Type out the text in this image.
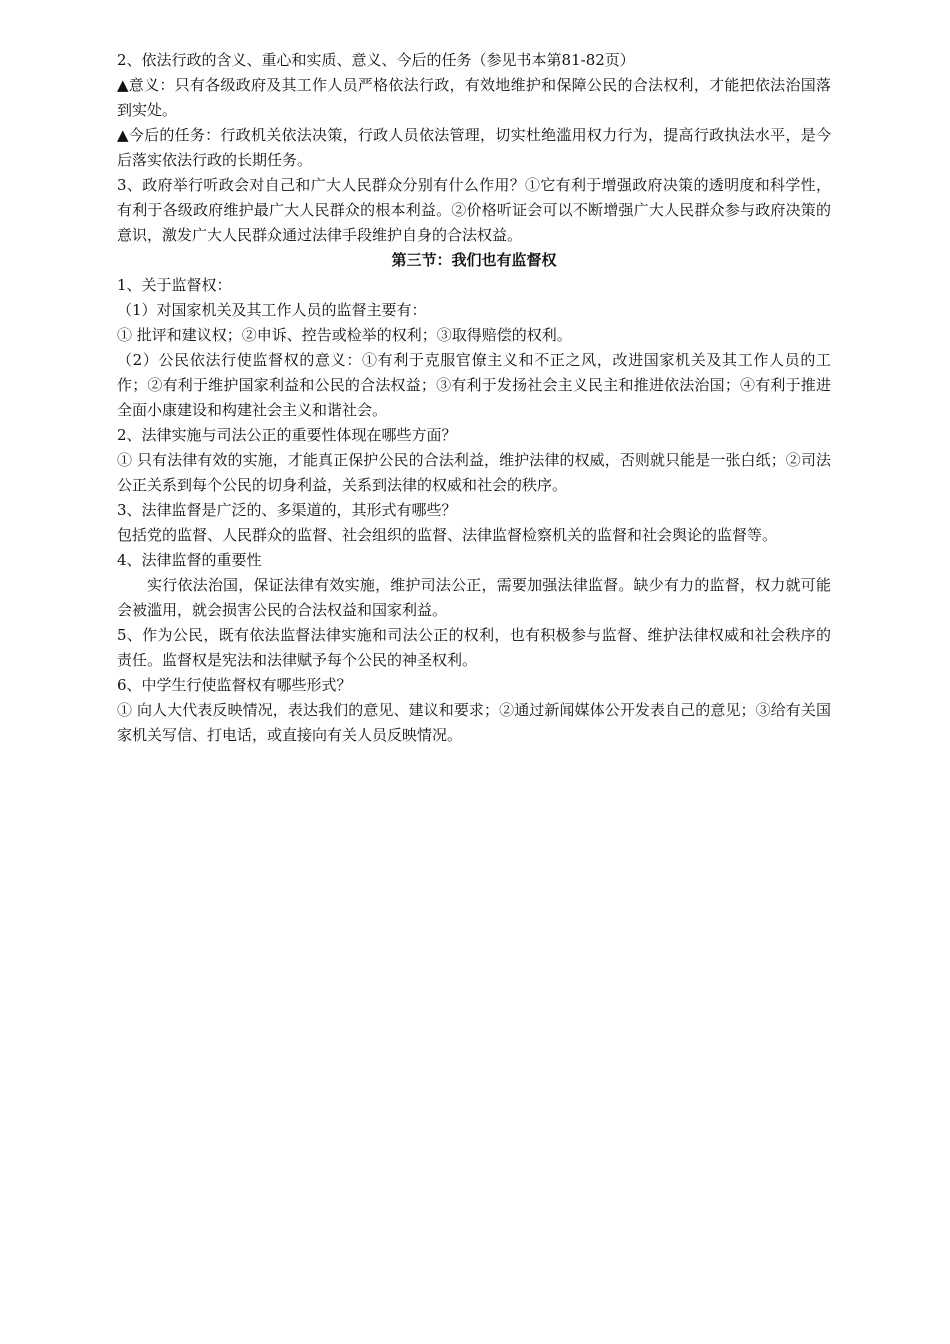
2、依法行政的含义、重心和实质、意义、今后的任务（参见书本第81-82页）

▲意义：只有各级政府及其工作人员严格依法行政，有效地维护和保障公民的合法权利，才能把依法治国落到实处。

▲今后的任务：行政机关依法决策，行政人员依法管理，切实杜绝滥用权力行为，提高行政执法水平，是今后落实依法行政的长期任务。

3、政府举行听政会对自己和广大人民群众分别有什么作用？①它有利于增强政府决策的透明度和科学性，有利于各级政府维护最广大人民群众的根本利益。②价格听证会可以不断增强广大人民群众参与政府决策的意识，激发广大人民群众通过法律手段维护自身的合法权益。

第三节：我们也有监督权

1、关于监督权：

（1）对国家机关及其工作人员的监督主要有：

① 批评和建议权；②申诉、控告或检举的权利；③取得赔偿的权利。

（2）公民依法行使监督权的意义：①有利于克服官僚主义和不正之风，改进国家机关及其工作人员的工作；②有利于维护国家利益和公民的合法权益；③有利于发扬社会主义民主和推进依法治国；④有利于推进全面小康建设和构建社会主义和谐社会。

2、法律实施与司法公正的重要性体现在哪些方面？

① 只有法律有效的实施，才能真正保护公民的合法利益，维护法律的权威，否则就只能是一张白纸；②司法公正关系到每个公民的切身利益，关系到法律的权威和社会的秩序。

3、法律监督是广泛的、多渠道的，其形式有哪些？

包括党的监督、人民群众的监督、社会组织的监督、法律监督检察机关的监督和社会舆论的监督等。

4、法律监督的重要性

实行依法治国，保证法律有效实施，维护司法公正，需要加强法律监督。缺少有力的监督，权力就可能会被滥用，就会损害公民的合法权益和国家利益。

5、作为公民，既有依法监督法律实施和司法公正的权利，也有积极参与监督、维护法律权威和社会秩序的责任。监督权是宪法和法律赋予每个公民的神圣权利。

6、中学生行使监督权有哪些形式？

① 向人大代表反映情况，表达我们的意见、建议和要求；②通过新闻媒体公开发表自己的意见；③给有关国家机关写信、打电话，或直接向有关人员反映情况。
